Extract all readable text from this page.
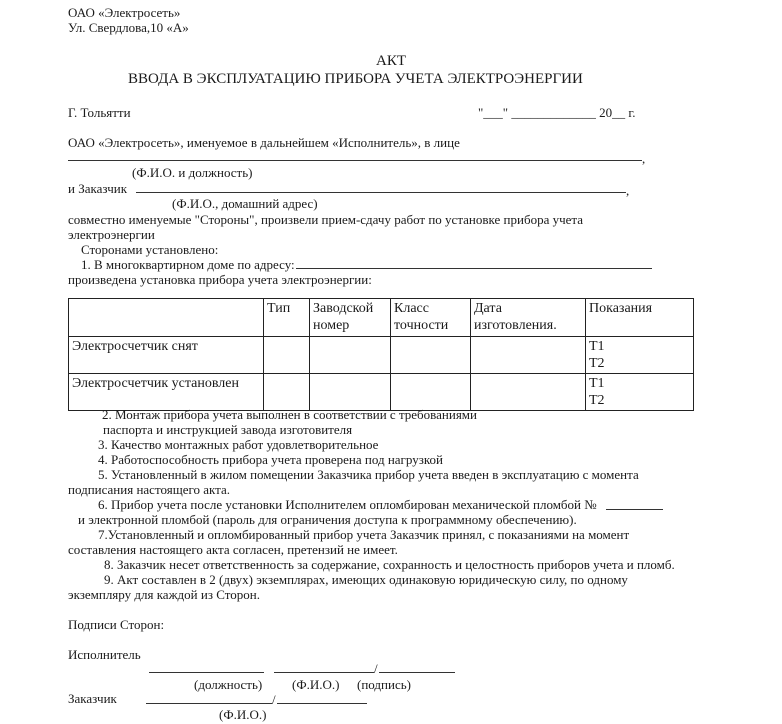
ОАО «Электросеть»
Ул. Свердлова,10 «А»
АКТ
ВВОДА В ЭКСПЛУАТАЦИЮ ПРИБОРА УЧЕТА ЭЛЕКТРОЭНЕРГИИ
Г. Тольятти	"___" _____________ 20__ г.
ОАО «Электросеть», именуемое в дальнейшем «Исполнитель», в лице
,
(Ф.И.О. и должность)
и Заказчик	,
(Ф.И.О., домашний адрес)
совместно именуемые "Стороны", произвели прием-сдачу работ по установке прибора учета
электроэнергии
Сторонами установлено:
1. В многоквартирном доме по адресу:
произведена установка прибора учета электроэнергии:
	Тип	Заводской номер	Класс точности	Дата изготовления.	Показания
Электросчетчик снят					Т1
Т2

Электросчетчик установлен					Т1
Т2
2. Монтаж прибора учета выполнен в соответствии с требованиями
паспорта и инструкцией завода изготовителя
3. Качество монтажных работ удовлетворительное
4. Работоспособность прибора учета проверена под нагрузкой
5. Установленный в жилом помещении Заказчика прибор учета введен в эксплуатацию с момента
подписания настоящего акта.
6. Прибор учета после установки Исполнителем опломбирован механической пломбой №
и электронной пломбой (пароль для ограничения доступа к программному обеспечению).
7.Установленный и опломбированный прибор учета Заказчик принял, с показаниями на момент
составления настоящего акта согласен, претензий не имеет.
8. Заказчик несет ответственность за содержание, сохранность и целостность приборов учета и пломб.
9. Акт составлен в 2 (двух) экземплярах, имеющих одинаковую юридическую силу, по одному
экземпляру для каждой из Сторон.
Подписи Сторон:
Исполнитель
/
(должность) (Ф.И.О.) (подпись)
Заказчик	/
(Ф.И.О.)
